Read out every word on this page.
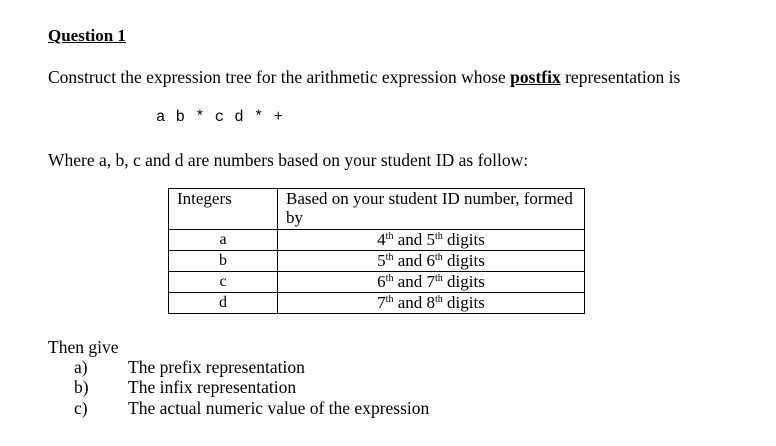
Question 1
Construct the expression tree for the arithmetic expression whose postfix representation is
a b * c d * +
Where a, b, c and d are numbers based on your student ID as follow:
Integers	Based on your student ID number, formed by
a	4th and 5th digits
b	5th and 6th digits
c	6th and 7th digits
d	7th and 8th digits
Then give
a) The prefix representation
b) The infix representation
c) The actual numeric value of the expression
